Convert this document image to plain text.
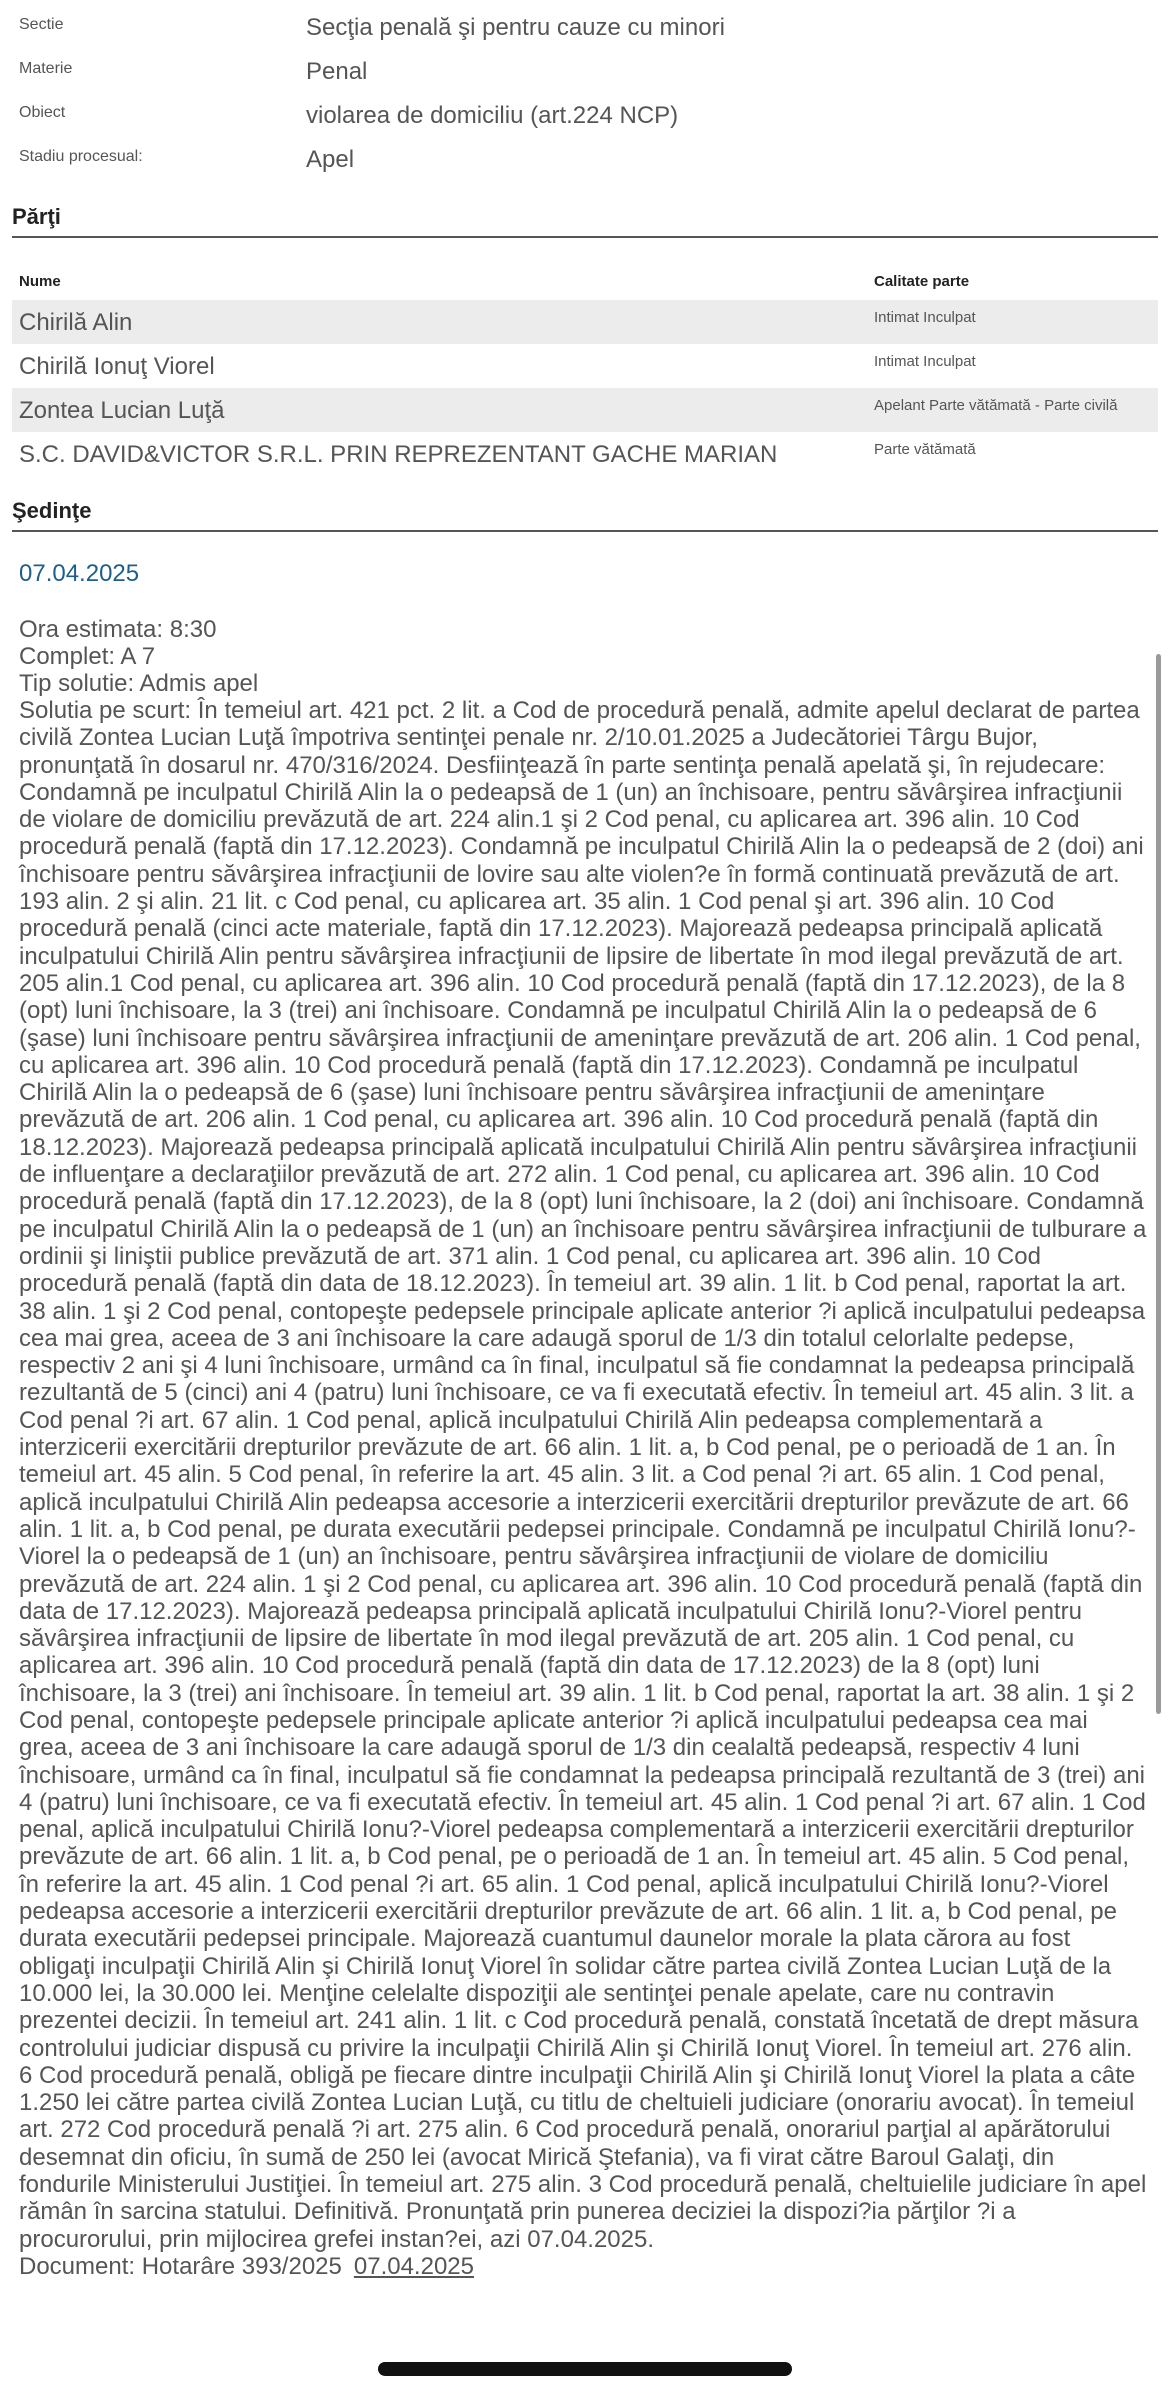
Sectie	Secţia penală şi pentru cauze cu minori
Materie	Penal
Obiect	violarea de domiciliu (art.224 NCP)
Stadiu procesual:	Apel
Părţi
Nume	Calitate parte
Chirilă Alin	Intimat Inculpat
Chirilă Ionuţ Viorel	Intimat Inculpat
Zontea Lucian Luţă	Apelant Parte vătămată - Parte civilă
S.C. DAVID&VICTOR S.R.L. PRIN REPREZENTANT GACHE MARIAN	Parte vătămată
Şedinţe
07.04.2025
Ora estimata: 8:30
Complet: A 7
Tip solutie: Admis apel
Solutia pe scurt: În temeiul art. 421 pct. 2 lit. a Cod de procedură penală, admite apelul declarat de partea civilă Zontea Lucian Luţă împotriva sentinţei penale nr. 2/10.01.2025 a Judecătoriei Târgu Bujor, pronunţată în dosarul nr. 470/316/2024. Desfiinţează în parte sentinţa penală apelată şi, în rejudecare: Condamnă pe inculpatul Chirilă Alin la o pedeapsă de 1 (un) an închisoare, pentru săvârşirea infracţiunii de violare de domiciliu prevăzută de art. 224 alin.1 şi 2 Cod penal, cu aplicarea art. 396 alin. 10 Cod procedură penală (faptă din 17.12.2023). Condamnă pe inculpatul Chirilă Alin la o pedeapsă de 2 (doi) ani închisoare pentru săvârşirea infracţiunii de lovire sau alte violen?e în formă continuată prevăzută de art. 193 alin. 2 şi alin. 21 lit. c Cod penal, cu aplicarea art. 35 alin. 1 Cod penal şi art. 396 alin. 10 Cod procedură penală (cinci acte materiale, faptă din 17.12.2023). Majorează pedeapsa principală aplicată inculpatului Chirilă Alin pentru săvârşirea infracţiunii de lipsire de libertate în mod ilegal prevăzută de art. 205 alin.1 Cod penal, cu aplicarea art. 396 alin. 10 Cod procedură penală (faptă din 17.12.2023), de la 8 (opt) luni închisoare, la 3 (trei) ani închisoare. Condamnă pe inculpatul Chirilă Alin la o pedeapsă de 6 (şase) luni închisoare pentru săvârşirea infracţiunii de ameninţare prevăzută de art. 206 alin. 1 Cod penal, cu aplicarea art. 396 alin. 10 Cod procedură penală (faptă din 17.12.2023). Condamnă pe inculpatul Chirilă Alin la o pedeapsă de 6 (şase) luni închisoare pentru săvârşirea infracţiunii de ameninţare prevăzută de art. 206 alin. 1 Cod penal, cu aplicarea art. 396 alin. 10 Cod procedură penală (faptă din 18.12.2023). Majorează pedeapsa principală aplicată inculpatului Chirilă Alin pentru săvârşirea infracţiunii de influenţare a declaraţiilor prevăzută de art. 272 alin. 1 Cod penal, cu aplicarea art. 396 alin. 10 Cod procedură penală (faptă din 17.12.2023), de la 8 (opt) luni închisoare, la 2 (doi) ani închisoare. Condamnă pe inculpatul Chirilă Alin la o pedeapsă de 1 (un) an închisoare pentru săvârşirea infracţiunii de tulburare a ordinii şi liniştii publice prevăzută de art. 371 alin. 1 Cod penal, cu aplicarea art. 396 alin. 10 Cod procedură penală (faptă din data de 18.12.2023). În temeiul art. 39 alin. 1 lit. b Cod penal, raportat la art. 38 alin. 1 şi 2 Cod penal, contopeşte pedepsele principale aplicate anterior ?i aplică inculpatului pedeapsa cea mai grea, aceea de 3 ani închisoare la care adaugă sporul de 1/3 din totalul celorlalte pedepse, respectiv 2 ani şi 4 luni închisoare, urmând ca în final, inculpatul să fie condamnat la pedeapsa principală rezultantă de 5 (cinci) ani 4 (patru) luni închisoare, ce va fi executată efectiv. În temeiul art. 45 alin. 3 lit. a Cod penal ?i art. 67 alin. 1 Cod penal, aplică inculpatului Chirilă Alin pedeapsa complementară a interzicerii exercitării drepturilor prevăzute de art. 66 alin. 1 lit. a, b Cod penal, pe o perioadă de 1 an. În temeiul art. 45 alin. 5 Cod penal, în referire la art. 45 alin. 3 lit. a Cod penal ?i art. 65 alin. 1 Cod penal, aplică inculpatului Chirilă Alin pedeapsa accesorie a interzicerii exercitării drepturilor prevăzute de art. 66 alin. 1 lit. a, b Cod penal, pe durata executării pedepsei principale. Condamnă pe inculpatul Chirilă Ionu?-Viorel la o pedeapsă de 1 (un) an închisoare, pentru săvârşirea infracţiunii de violare de domiciliu prevăzută de art. 224 alin. 1 şi 2 Cod penal, cu aplicarea art. 396 alin. 10 Cod procedură penală (faptă din data de 17.12.2023). Majorează pedeapsa principală aplicată inculpatului Chirilă Ionu?-Viorel pentru săvârşirea infracţiunii de lipsire de libertate în mod ilegal prevăzută de art. 205 alin. 1 Cod penal, cu aplicarea art. 396 alin. 10 Cod procedură penală (faptă din data de 17.12.2023) de la 8 (opt) luni închisoare, la 3 (trei) ani închisoare. În temeiul art. 39 alin. 1 lit. b Cod penal, raportat la art. 38 alin. 1 şi 2 Cod penal, contopeşte pedepsele principale aplicate anterior ?i aplică inculpatului pedeapsa cea mai grea, aceea de 3 ani închisoare la care adaugă sporul de 1/3 din cealaltă pedeapsă, respectiv 4 luni închisoare, urmând ca în final, inculpatul să fie condamnat la pedeapsa principală rezultantă de 3 (trei) ani 4 (patru) luni închisoare, ce va fi executată efectiv. În temeiul art. 45 alin. 1 Cod penal ?i art. 67 alin. 1 Cod penal, aplică inculpatului Chirilă Ionu?-Viorel pedeapsa complementară a interzicerii exercitării drepturilor prevăzute de art. 66 alin. 1 lit. a, b Cod penal, pe o perioadă de 1 an. În temeiul art. 45 alin. 5 Cod penal, în referire la art. 45 alin. 1 Cod penal ?i art. 65 alin. 1 Cod penal, aplică inculpatului Chirilă Ionu?-Viorel pedeapsa accesorie a interzicerii exercitării drepturilor prevăzute de art. 66 alin. 1 lit. a, b Cod penal, pe durata executării pedepsei principale. Majorează cuantumul daunelor morale la plata cărora au fost obligaţi inculpaţii Chirilă Alin şi Chirilă Ionuţ Viorel în solidar către partea civilă Zontea Lucian Luţă de la 10.000 lei, la 30.000 lei. Menţine celelalte dispoziţii ale sentinţei penale apelate, care nu contravin prezentei decizii. În temeiul art. 241 alin. 1 lit. c Cod procedură penală, constată încetată de drept măsura controlului judiciar dispusă cu privire la inculpaţii Chirilă Alin şi Chirilă Ionuţ Viorel. În temeiul art. 276 alin. 6 Cod procedură penală, obligă pe fiecare dintre inculpaţii Chirilă Alin şi Chirilă Ionuţ Viorel la plata a câte 1.250 lei către partea civilă Zontea Lucian Luţă, cu titlu de cheltuieli judiciare (onorariu avocat). În temeiul art. 272 Cod procedură penală ?i art. 275 alin. 6 Cod procedură penală, onorariul parţial al apărătorului desemnat din oficiu, în sumă de 250 lei (avocat Mirică Ştefania), va fi virat către Baroul Galaţi, din fondurile Ministerului Justiţiei. În temeiul art. 275 alin. 3 Cod procedură penală, cheltuielile judiciare în apel rămân în sarcina statului. Definitivă. Pronunţată prin punerea deciziei la dispozi?ia părţilor ?i a procurorului, prin mijlocirea grefei instan?ei, azi 07.04.2025.
Document: Hotarâre 393/2025 07.04.2025
